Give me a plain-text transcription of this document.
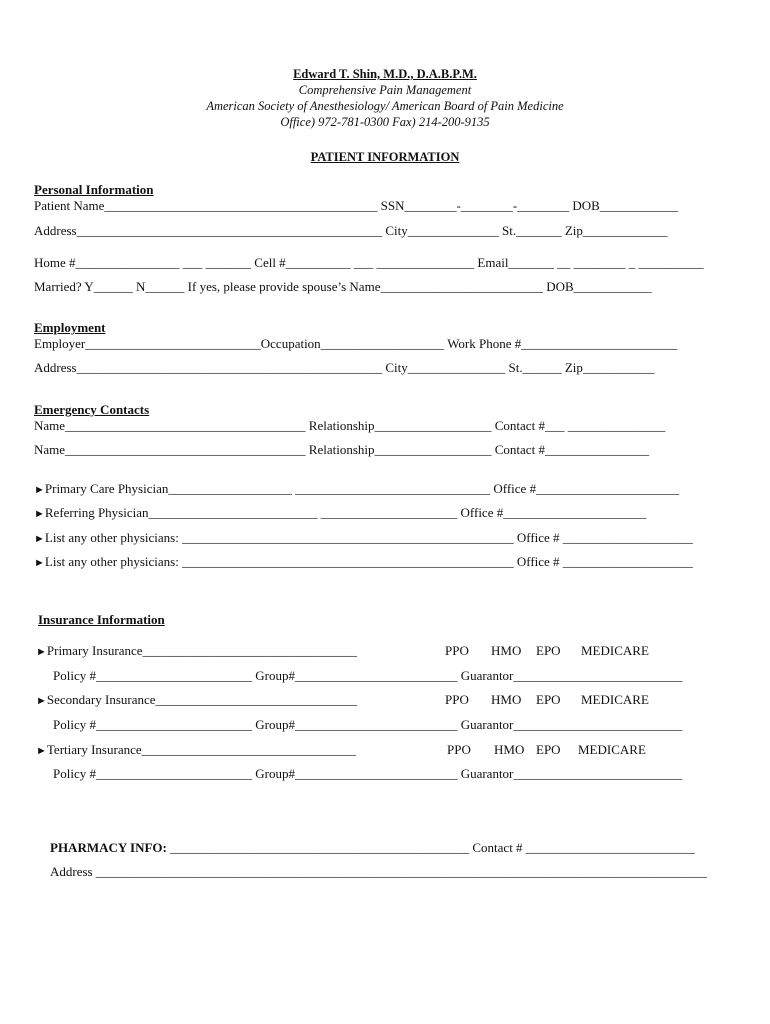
Edward T. Shin, M.D., D.A.B.P.M.
Comprehensive Pain Management
American Society of Anesthesiology/ American Board of Pain Medicine
Office) 972-781-0300 Fax) 214-200-9135
PATIENT INFORMATION
Personal Information
Patient Name__________________________________________ SSN________-________-________ DOB____________
Address_______________________________________________ City______________ St._______ Zip_____________
Home #________________ ___ _______ Cell #__________ ___ _______________ Email_______ __ ________ _ __________
Married? Y______ N______ If yes, please provide spouse’s Name_________________________ DOB____________
Employment
Employer___________________________Occupation___________________ Work Phone #________________________
Address_______________________________________________ City_______________ St.______ Zip___________
Emergency Contacts
Name_____________________________________ Relationship__________________ Contact #___ _______________
Name_____________________________________ Relationship__________________ Contact #________________
►Primary Care Physician___________________ ______________________________ Office #______________________
►Referring Physician__________________________ _____________________ Office #______________________
►List any other physicians: ___________________________________________________ Office # ____________________
►List any other physicians: ___________________________________________________ Office # ____________________
Insurance Information
►Primary Insurance_________________________________	PPO HMO EPO MEDICARE
Policy #________________________ Group#_________________________ Guarantor__________________________
►Secondary Insurance_______________________________	PPO HMO EPO MEDICARE
Policy #________________________ Group#_________________________ Guarantor__________________________
►Tertiary Insurance_________________________________	PPO HMO EPO MEDICARE
Policy #________________________ Group#_________________________ Guarantor__________________________
PHARMACY INFO: ______________________________________________ Contact # __________________________
Address ______________________________________________________________________________________________
